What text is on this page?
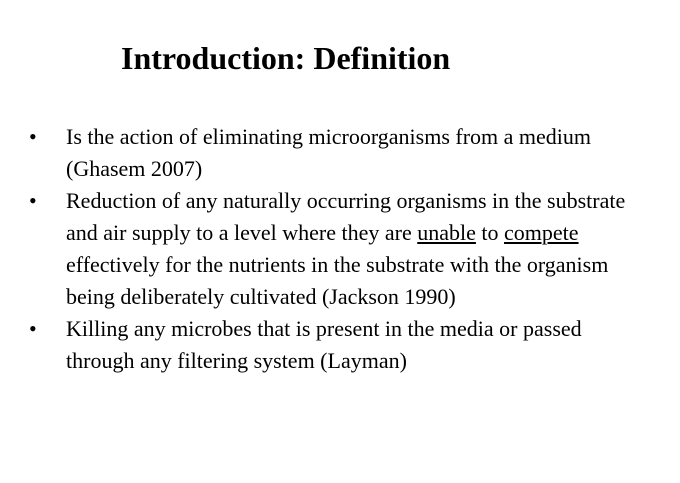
Introduction: Definition
• Is the action of eliminating microorganisms from a medium (Ghasem 2007)
• Reduction of any naturally occurring organisms in the substrate and air supply to a level where they are unable to compete effectively for the nutrients in the substrate with the organism being deliberately cultivated (Jackson 1990)
• Killing any microbes that is present in the media or passed through any filtering system (Layman)
